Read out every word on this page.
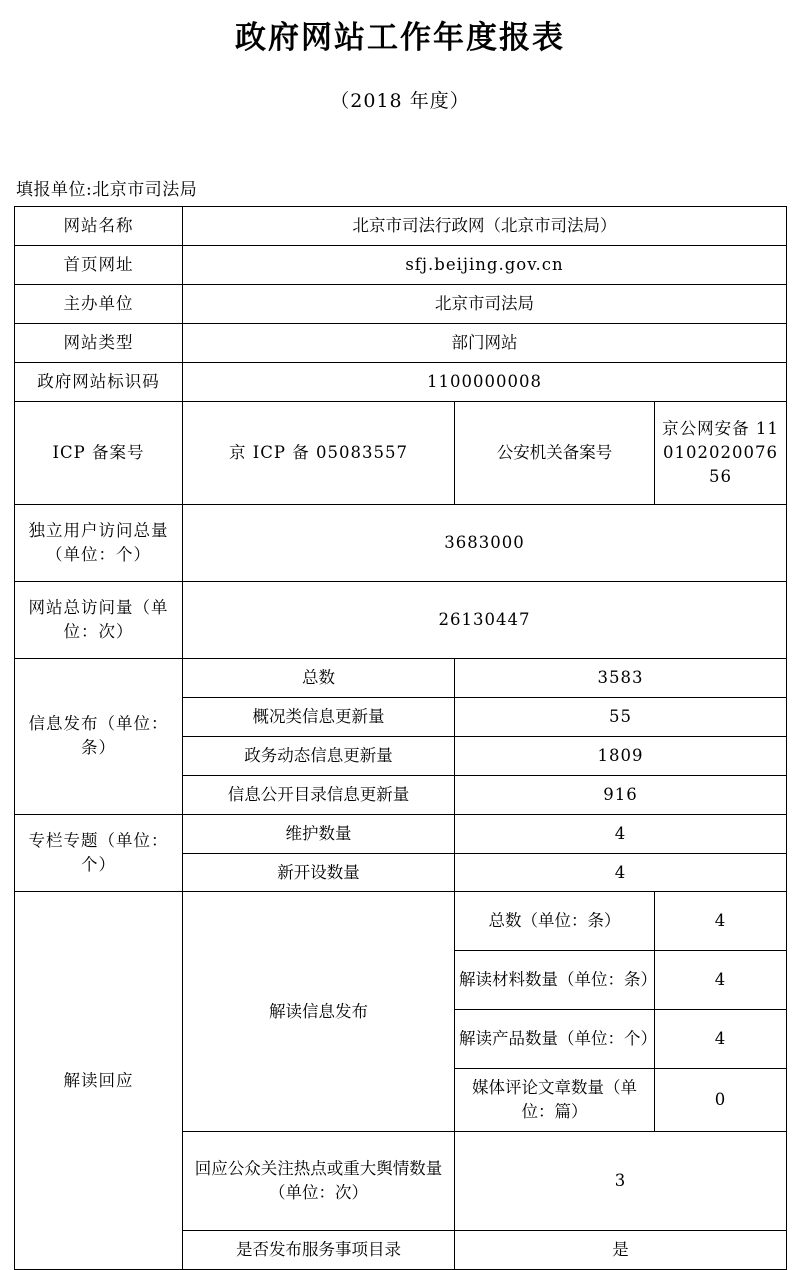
政府网站工作年度报表
（2018 年度）
填报单位:北京市司法局
网站名称	北京市司法行政网（北京市司法局）		
首页网址	sfj.beijing.gov.cn		
主办单位	北京市司法局		
网站类型	部门网站		
政府网站标识码	1100000008		
ICP 备案号	京 ICP 备 05083557	公安机关备案号	京公网安备 11010202007656
独立用户访问总量（单位：个）	3683000		
网站总访问量（单位：次）	26130447		
信息发布（单位：条）	总数	3583	
	概况类信息更新量	55	
	政务动态信息更新量	1809	
	信息公开目录信息更新量	916	
专栏专题（单位：个）	维护数量	4	
	新开设数量	4	
解读回应	解读信息发布	总数（单位：条）	4
		解读材料数量（单位：条）	4
		解读产品数量（单位：个）	4
		媒体评论文章数量（单位：篇）	0
	回应公众关注热点或重大舆情数量（单位：次）	3	
	是否发布服务事项目录	是	
